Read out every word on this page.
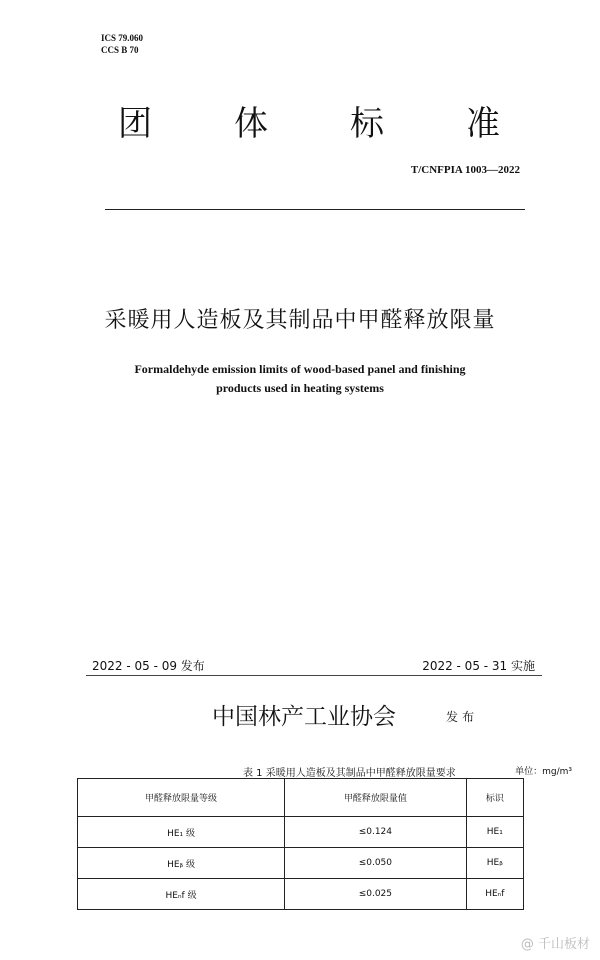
ICS 79.060
CCS B 70
团 体 标 准
T/CNFPIA 1003—2022
采暖用人造板及其制品中甲醛释放限量
Formaldehyde emission limits of wood-based panel and finishing
products used in heating systems
2022 - 05 - 09 发布	2022 - 05 - 31 实施
中国林产工业协会	发布
表 1 采暖用人造板及其制品中甲醛释放限量要求	单位：mg/m³
甲醛释放限量等级	甲醛释放限量值	标识
HE₁ 级	≤0.124	HE₁
HEᵦ 级	≤0.050	HEᵦ
HEₙf 级	≤0.025	HEₙf
@ 千山板材
